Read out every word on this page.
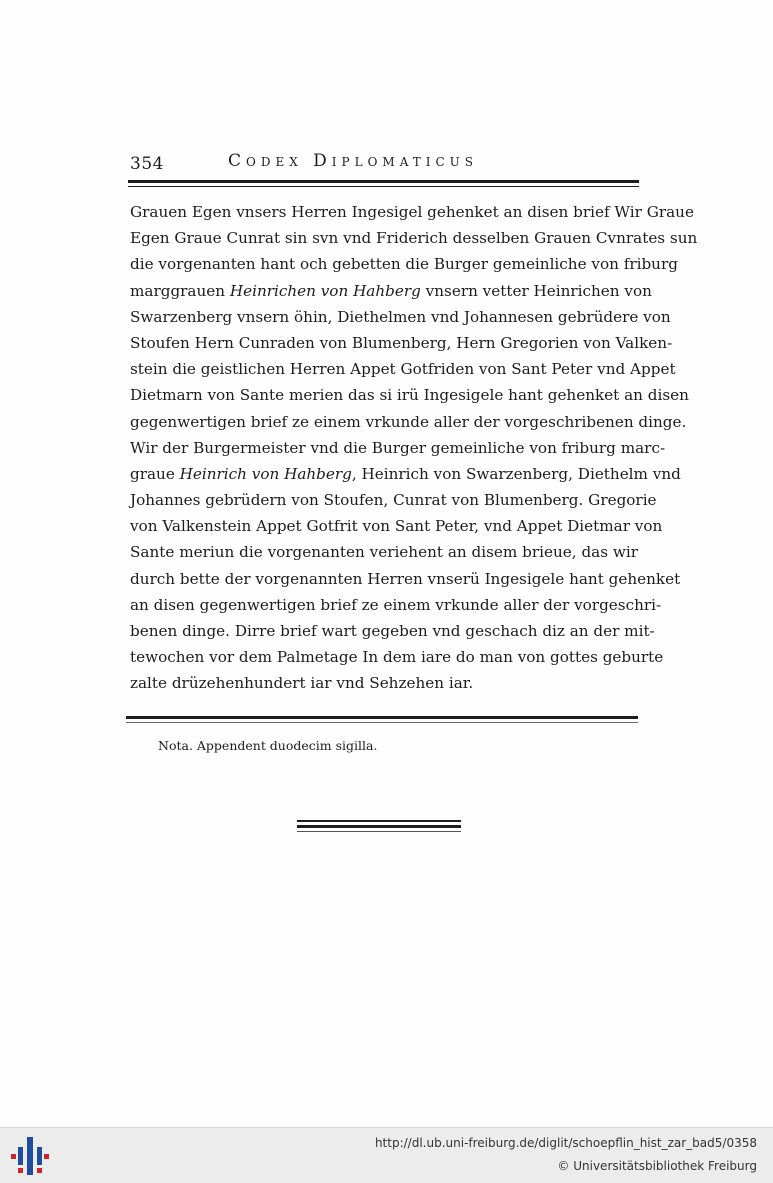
354	Codex Diplomaticus
Grauen Egen vnsers Herren Ingesigel gehenket an disen brief Wir Graue
Egen Graue Cunrat sin svn vnd Friderich desselben Grauen Cvnrates sun
die vorgenanten hant och gebetten die Burger gemeinliche von friburg
marggrauen Heinrichen von Hahberg vnsern vetter Heinrichen von
Swarzenberg vnsern öhin, Diethelmen vnd Johannesen gebrüdere von
Stoufen Hern Cunraden von Blumenberg, Hern Gregorien von Valken-
stein die geistlichen Herren Appet Gotfriden von Sant Peter vnd Appet
Dietmarn von Sante merien das si irü Ingesigele hant gehenket an disen
gegenwertigen brief ze einem vrkunde aller der vorgeschribenen dinge.
Wir der Burgermeister vnd die Burger gemeinliche von friburg marc-
graue Heinrich von Hahberg, Heinrich von Swarzenberg, Diethelm vnd
Johannes gebrüdern von Stoufen, Cunrat von Blumenberg. Gregorie
von Valkenstein Appet Gotfrit von Sant Peter, vnd Appet Dietmar von
Sante meriun die vorgenanten veriehent an disem brieue, das wir
durch bette der vorgenannten Herren vnserü Ingesigele hant gehenket
an disen gegenwertigen brief ze einem vrkunde aller der vorgeschri-
benen dinge. Dirre brief wart gegeben vnd geschach diz an der mit-
tewochen vor dem Palmetage In dem iare do man von gottes geburte
zalte drüzehenhundert iar vnd Sehzehen iar.
Nota. Appendent duodecim sigilla.
http://dl.ub.uni-freiburg.de/diglit/schoepflin_hist_zar_bad5/0358
© Universitätsbibliothek Freiburg
